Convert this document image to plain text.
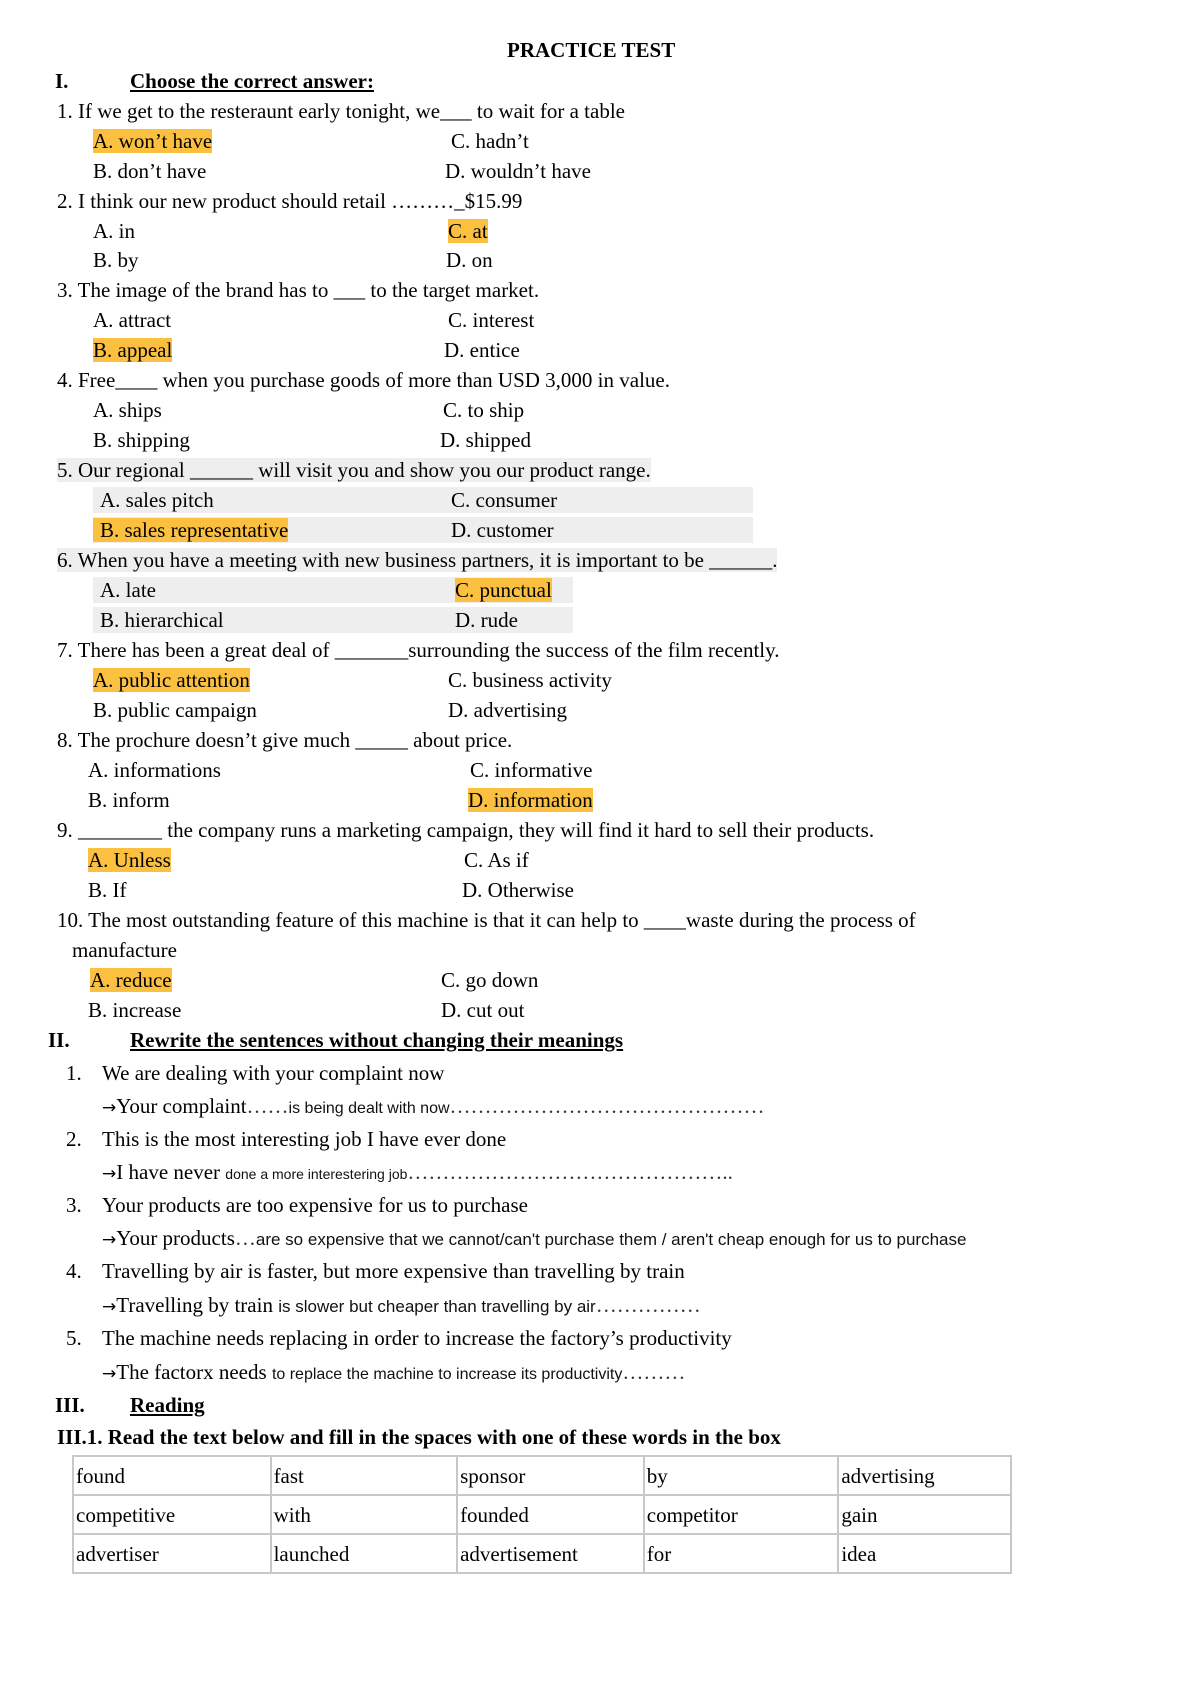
PRACTICE TEST
I.	Choose the correct answer:
1. If we get to the resteraunt early tonight, we___ to wait for a table
A. won’t have	C. hadn’t
B. don’t have	D. wouldn’t have
2. I think our new product should retail ………_$15.99
A. in	C. at
B. by	D. on
3. The image of the brand has to ___ to the target market.
A. attract	C. interest
B. appeal	D. entice
4. Free____ when you purchase goods of more than USD 3,000 in value.
A. ships	C. to ship
B. shipping	D. shipped
5. Our regional ______ will visit you and show you our product range.
A. sales pitch	C. consumer
B. sales representative	D. customer
6. When you have a meeting with new business partners, it is important to be ______.
A. late	C. punctual
B. hierarchical	D. rude
7. There has been a great deal of _______surrounding the success of the film recently.
A. public attention	C. business activity
B. public campaign	D. advertising
8. The prochure doesn’t give much _____ about price.
A. informations	C. informative
B. inform	D. information
9. ________ the company runs a marketing campaign, they will find it hard to sell their products.
A. Unless	C. As if
B. If	D. Otherwise
10. The most outstanding feature of this machine is that it can help to ____waste during the process of
manufacture
A. reduce	C. go down
B. increase	D. cut out
II.	Rewrite the sentences without changing their meanings
1. We are dealing with your complaint now
→Your complaint……is being dealt with now………………………………………
2. This is the most interesting job I have ever done
→I have never done a more interestering job………………………………………..
3. Your products are too expensive for us to purchase
→Your products…are so expensive that we cannot/can't purchase them / aren't cheap enough for us to purchase
4. Travelling by air is faster, but more expensive than travelling by train
→Travelling by train is slower but cheaper than travelling by air……………
5. The machine needs replacing in order to increase the factory’s productivity
→The factorx needs to replace the machine to increase its productivity………
III. Reading
III.1. Read the text below and fill in the spaces with one of these words in the box
found	fast	sponsor	by	advertising
competitive	with	founded	competitor	gain
advertiser	launched	advertisement	for	idea
